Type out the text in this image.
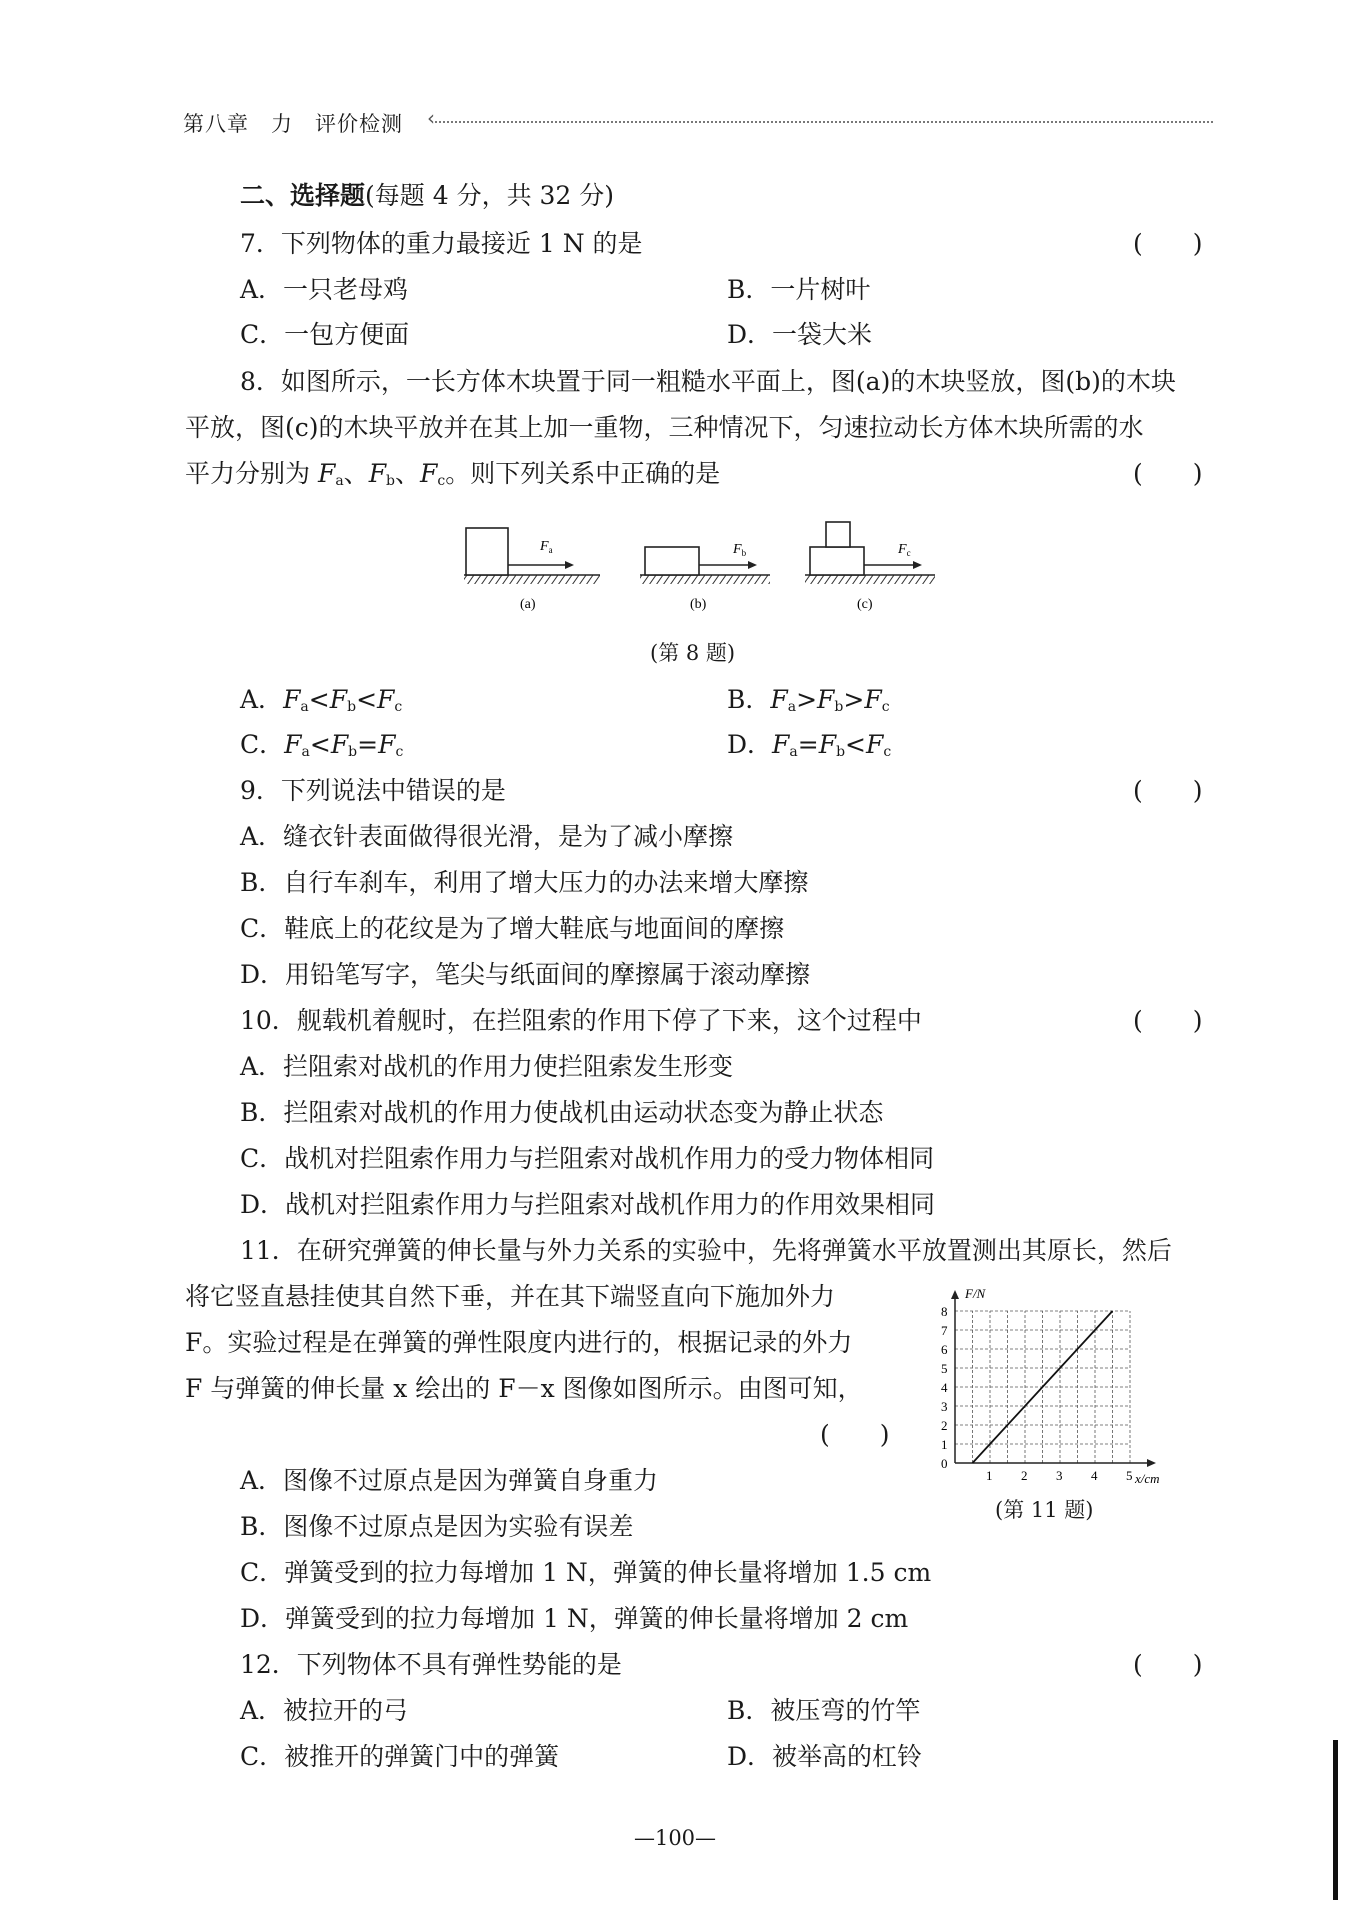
第八章　力　评价检测 ‹
二、选择题(每题 4 分，共 32 分)
7．下列物体的重力最接近 1 N 的是	(　　)
A．一只老母鸡	B．一片树叶
C．一包方便面	D．一袋大米
8．如图所示，一长方体木块置于同一粗糙水平面上，图(a)的木块竖放，图(b)的木块
平放，图(c)的木块平放并在其上加一重物，三种情况下，匀速拉动长方体木块所需的水
平力分别为 $F_a$、$F_b$、$F_c$。则下列关系中正确的是	(　　)
$F_a$
(a)
$F_b$
(b)
$F_c$
(c)
(第 8 题)
A．$F_a<F_b<F_c$	B．$F_a>F_b>F_c$
C．$F_a<F_b=F_c$	D．$F_a=F_b<F_c$
9．下列说法中错误的是	(　　)
A．缝衣针表面做得很光滑，是为了减小摩擦
B．自行车刹车，利用了增大压力的办法来增大摩擦
C．鞋底上的花纹是为了增大鞋底与地面间的摩擦
D．用铅笔写字，笔尖与纸面间的摩擦属于滚动摩擦
10．舰载机着舰时，在拦阻索的作用下停了下来，这个过程中	(　　)
A．拦阻索对战机的作用力使拦阻索发生形变
B．拦阻索对战机的作用力使战机由运动状态变为静止状态
C．战机对拦阻索作用力与拦阻索对战机作用力的受力物体相同
D．战机对拦阻索作用力与拦阻索对战机作用力的作用效果相同
11．在研究弹簧的伸长量与外力关系的实验中，先将弹簧水平放置测出其原长，然后
将它竖直悬挂使其自然下垂，并在其下端竖直向下施加外力
F。实验过程是在弹簧的弹性限度内进行的，根据记录的外力
F 与弹簧的伸长量 x 绘出的 F－x 图像如图所示。由图可知，
(　　)
F/N
x/cm
1 2 3 4 5
0
1
2
3
4
5
6
7
8
(第 11 题)
A．图像不过原点是因为弹簧自身重力
B．图像不过原点是因为实验有误差
C．弹簧受到的拉力每增加 1 N，弹簧的伸长量将增加 1.5 cm
D．弹簧受到的拉力每增加 1 N，弹簧的伸长量将增加 2 cm
12．下列物体不具有弹性势能的是	(　　)
A．被拉开的弓	B．被压弯的竹竿
C．被推开的弹簧门中的弹簧	D．被举高的杠铃
—100—
